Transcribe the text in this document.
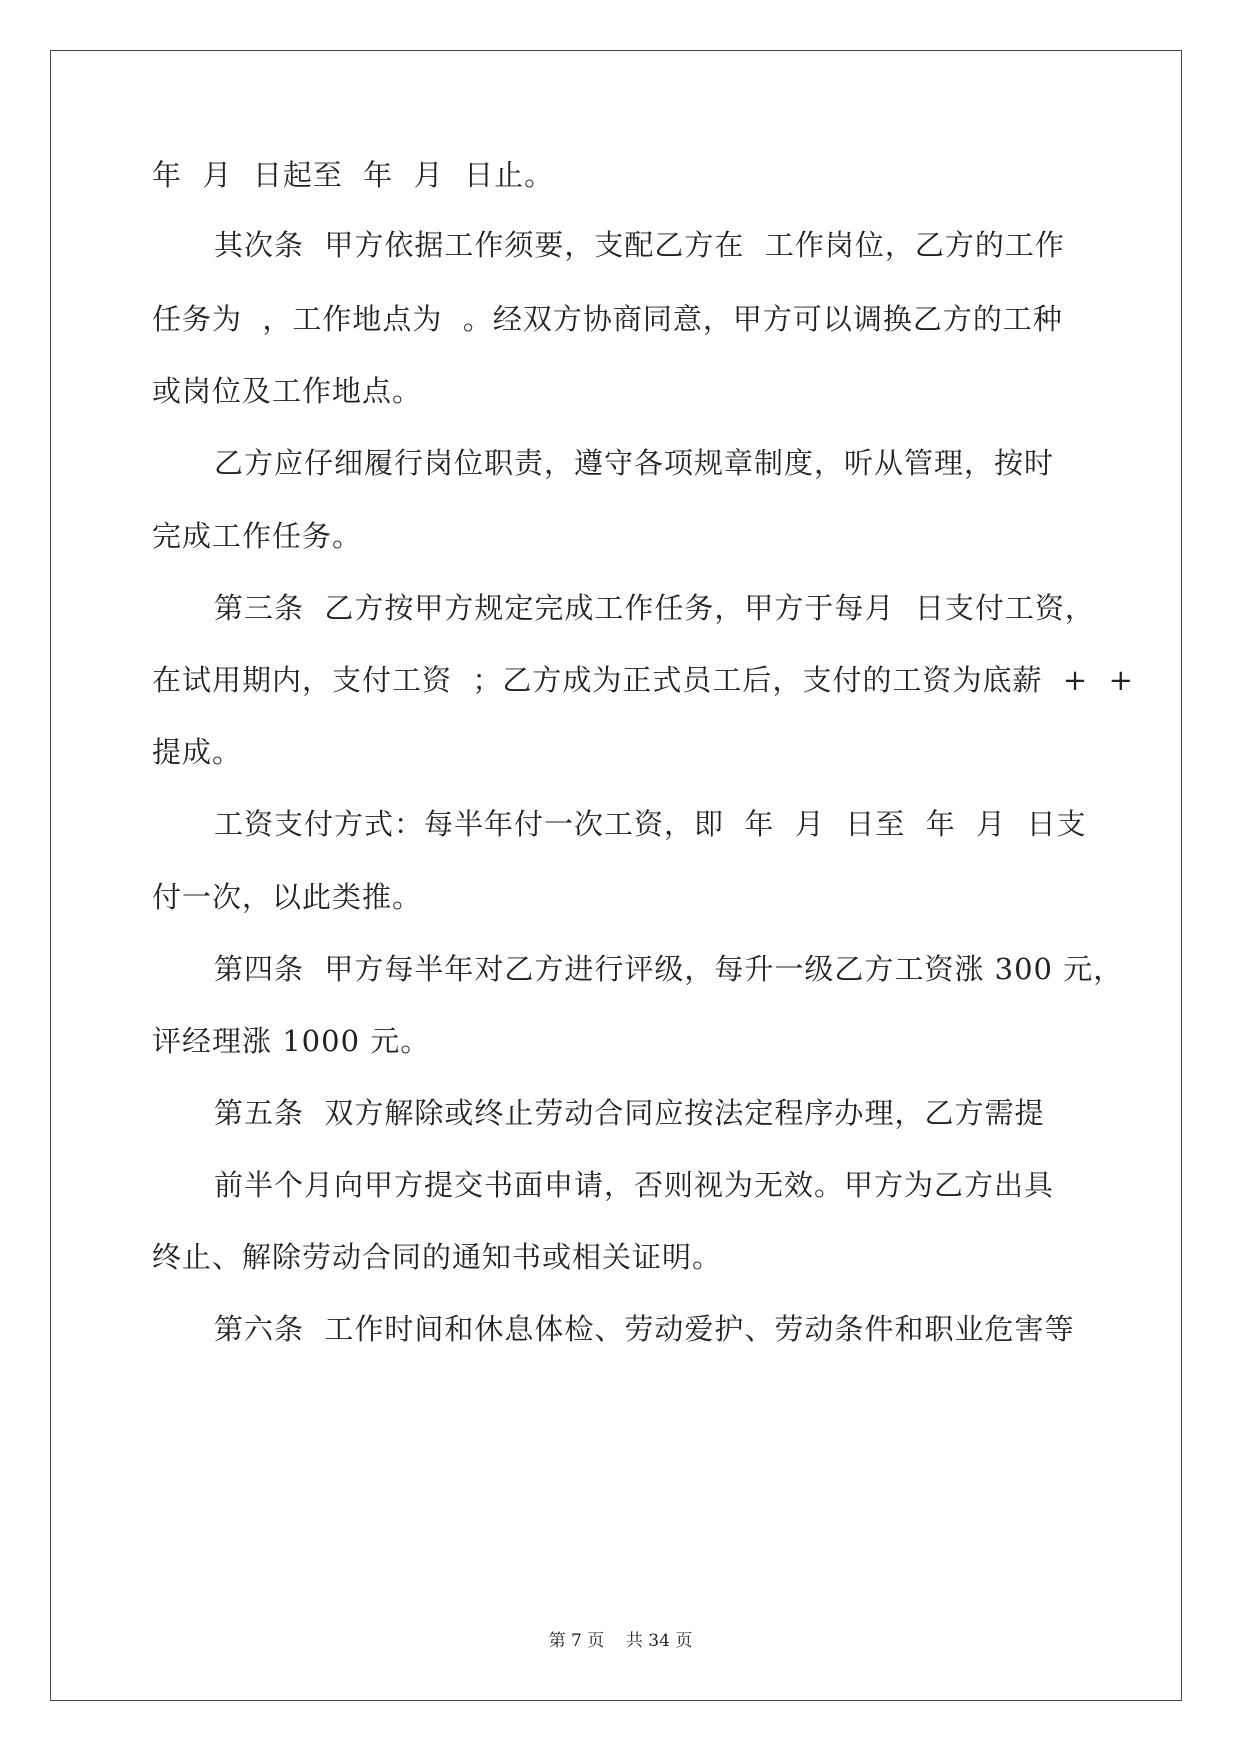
年  月  日起至  年  月  日止。
其次条  甲方依据工作须要，支配乙方在  工作岗位，乙方的工作
任务为  ，工作地点为  。经双方协商同意，甲方可以调换乙方的工种
或岗位及工作地点。
乙方应仔细履行岗位职责，遵守各项规章制度，听从管理，按时
完成工作任务。
第三条  乙方按甲方规定完成工作任务，甲方于每月  日支付工资，
在试用期内，支付工资  ；乙方成为正式员工后，支付的工资为底薪  +  +
提成。
工资支付方式：每半年付一次工资，即  年  月  日至  年  月  日支
付一次，以此类推。
第四条  甲方每半年对乙方进行评级，每升一级乙方工资涨 300 元，
评经理涨 1000 元。
第五条  双方解除或终止劳动合同应按法定程序办理，乙方需提
前半个月向甲方提交书面申请，否则视为无效。甲方为乙方出具
终止、解除劳动合同的通知书或相关证明。
第六条  工作时间和休息体检、劳动爱护、劳动条件和职业危害等
第 7 页    共 34 页
